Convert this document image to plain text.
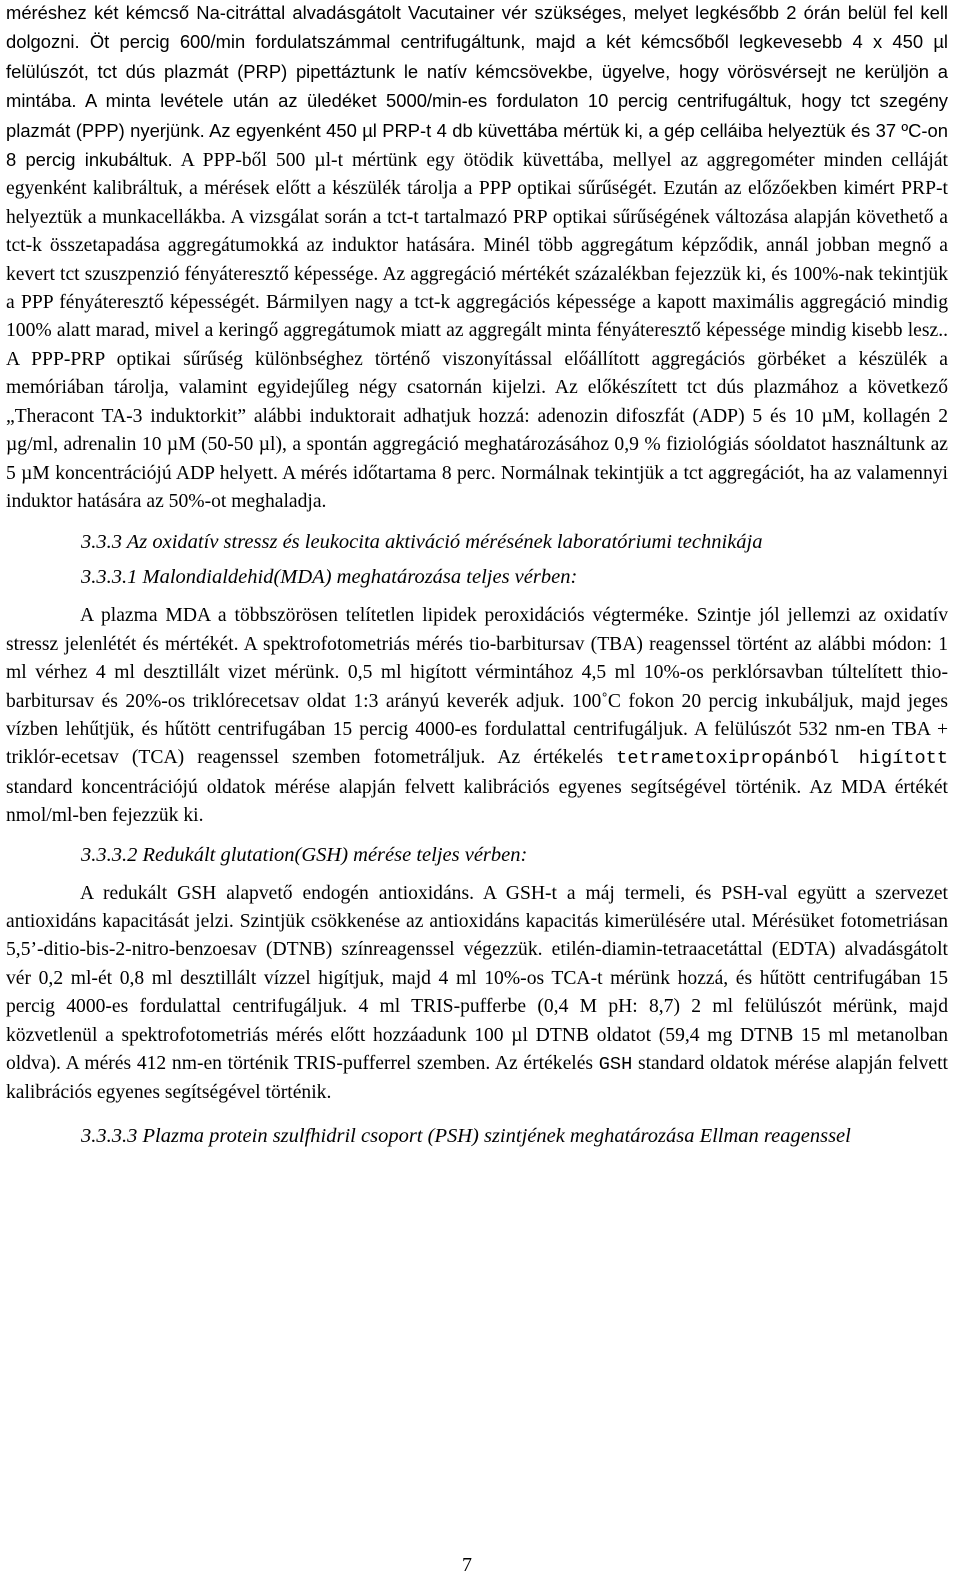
méréshez két kémcső Na-citráttal alvadásgátolt Vacutainer vér szükséges, melyet legkésőbb 2 órán belül fel kell dolgozni. Öt percig 600/min fordulatszámmal centrifugáltunk, majd a két kémcsőből legkevesebb 4 x 450 µl felülúszót, tct dús plazmát (PRP) pipettáztunk le natív kémcsövekbe, ügyelve, hogy vörösvérsejt ne kerüljön a mintába. A minta levétele után az üledéket 5000/min-es fordulaton 10 percig centrifugáltuk, hogy tct szegény plazmát (PPP) nyerjünk. Az egyenként 450 µl PRP-t 4 db küvettába mértük ki, a gép celláiba helyeztük és 37 ºC-on 8 percig inkubáltuk. A PPP-ből 500 µl-t mértünk egy ötödik küvettába, mellyel az aggregométer minden celláját egyenként kalibráltuk, a mérések előtt a készülék tárolja a PPP optikai sűrűségét. Ezután az előzőekben kimért PRP-t helyeztük a munkacellákba. A vizsgálat során a tct-t tartalmazó PRP optikai sűrűségének változása alapján követhető a tct-k összetapadása aggregátumokká az induktor hatására. Minél több aggregátum képződik, annál jobban megnő a kevert tct szuszpenzió fényáteresztő képessége. Az aggregáció mértékét százalékban fejezzük ki, és 100%-nak tekintjük a PPP fényáteresztő képességét. Bármilyen nagy a tct-k aggregációs képessége a kapott maximális aggregáció mindig 100% alatt marad, mivel a keringő aggregátumok miatt az aggregált minta fényáteresztő képessége mindig kisebb lesz.. A PPP-PRP optikai sűrűség különbséghez történő viszonyítással előállított aggregációs görbéket a készülék a memóriában tárolja, valamint egyidejűleg négy csatornán kijelzi. Az előkészített tct dús plazmához a következő „Theracont TA-3 induktorkit” alábbi induktorait adhatjuk hozzá: adenozin difoszfát (ADP) 5 és 10 µM, kollagén 2 µg/ml, adrenalin 10 µM (50-50 µl), a spontán aggregáció meghatározásához 0,9 % fiziológiás sóoldatot használtunk az 5 µM koncentrációjú ADP helyett. A mérés időtartama 8 perc. Normálnak tekintjük a tct aggregációt, ha az valamennyi induktor hatására az 50%-ot meghaladja.

3.3.3 Az oxidatív stressz és leukocita aktiváció mérésének laboratóriumi technikája
3.3.3.1 Malondialdehid(MDA) meghatározása teljes vérben:

A plazma MDA a többszörösen telítetlen lipidek peroxidációs végterméke. Szintje jól jellemzi az oxidatív stressz jelenlétét és mértékét. A spektrofotometriás mérés tio-barbitursav (TBA) reagenssel történt az alábbi módon: 1 ml vérhez 4 ml desztillált vizet mérünk. 0,5 ml higított vérmintához 4,5 ml 10%-os perklórsavban túltelített thio-barbitursav és 20%-os triklórecetsav oldat 1:3 arányú keverék adjuk. 100˚C fokon 20 percig inkubáljuk, majd jeges vízben lehűtjük, és hűtött centrifugában 15 percig 4000-es fordulattal centrifugáljuk. A felülúszót 532 nm-en TBA + triklór-ecetsav (TCA) reagenssel szemben fotometráljuk. Az értékelés tetrametoxipropánból higított standard koncentrációjú oldatok mérése alapján felvett kalibrációs egyenes segítségével történik. Az MDA értékét nmol/ml-ben fejezzük ki.

3.3.3.2 Redukált glutation(GSH) mérése teljes vérben:

A redukált GSH alapvető endogén antioxidáns. A GSH-t a máj termeli, és PSH-val együtt a szervezet antioxidáns kapacitását jelzi. Szintjük csökkenése az antioxidáns kapacitás kimerülésére utal. Mérésüket fotometriásan 5,5’-ditio-bis-2-nitro-benzoesav (DTNB) színreagenssel végezzük. etilén-diamin-tetraacetáttal (EDTA) alvadásgátolt vér 0,2 ml-ét 0,8 ml desztillált vízzel higítjuk, majd 4 ml 10%-os TCA-t mérünk hozzá, és hűtött centrifugában 15 percig 4000-es fordulattal centrifugáljuk. 4 ml TRIS-pufferbe (0,4 M pH: 8,7) 2 ml felülúszót mérünk, majd közvetlenül a spektrofotometriás mérés előtt hozzáadunk 100 µl DTNB oldatot (59,4 mg DTNB 15 ml metanolban oldva). A mérés 412 nm-en történik TRIS-pufferrel szemben. Az értékelés GSH standard oldatok mérése alapján felvett kalibrációs egyenes segítségével történik.

3.3.3.3 Plazma protein szulfhidril csoport (PSH) szintjének meghatározása Ellman reagenssel
7
